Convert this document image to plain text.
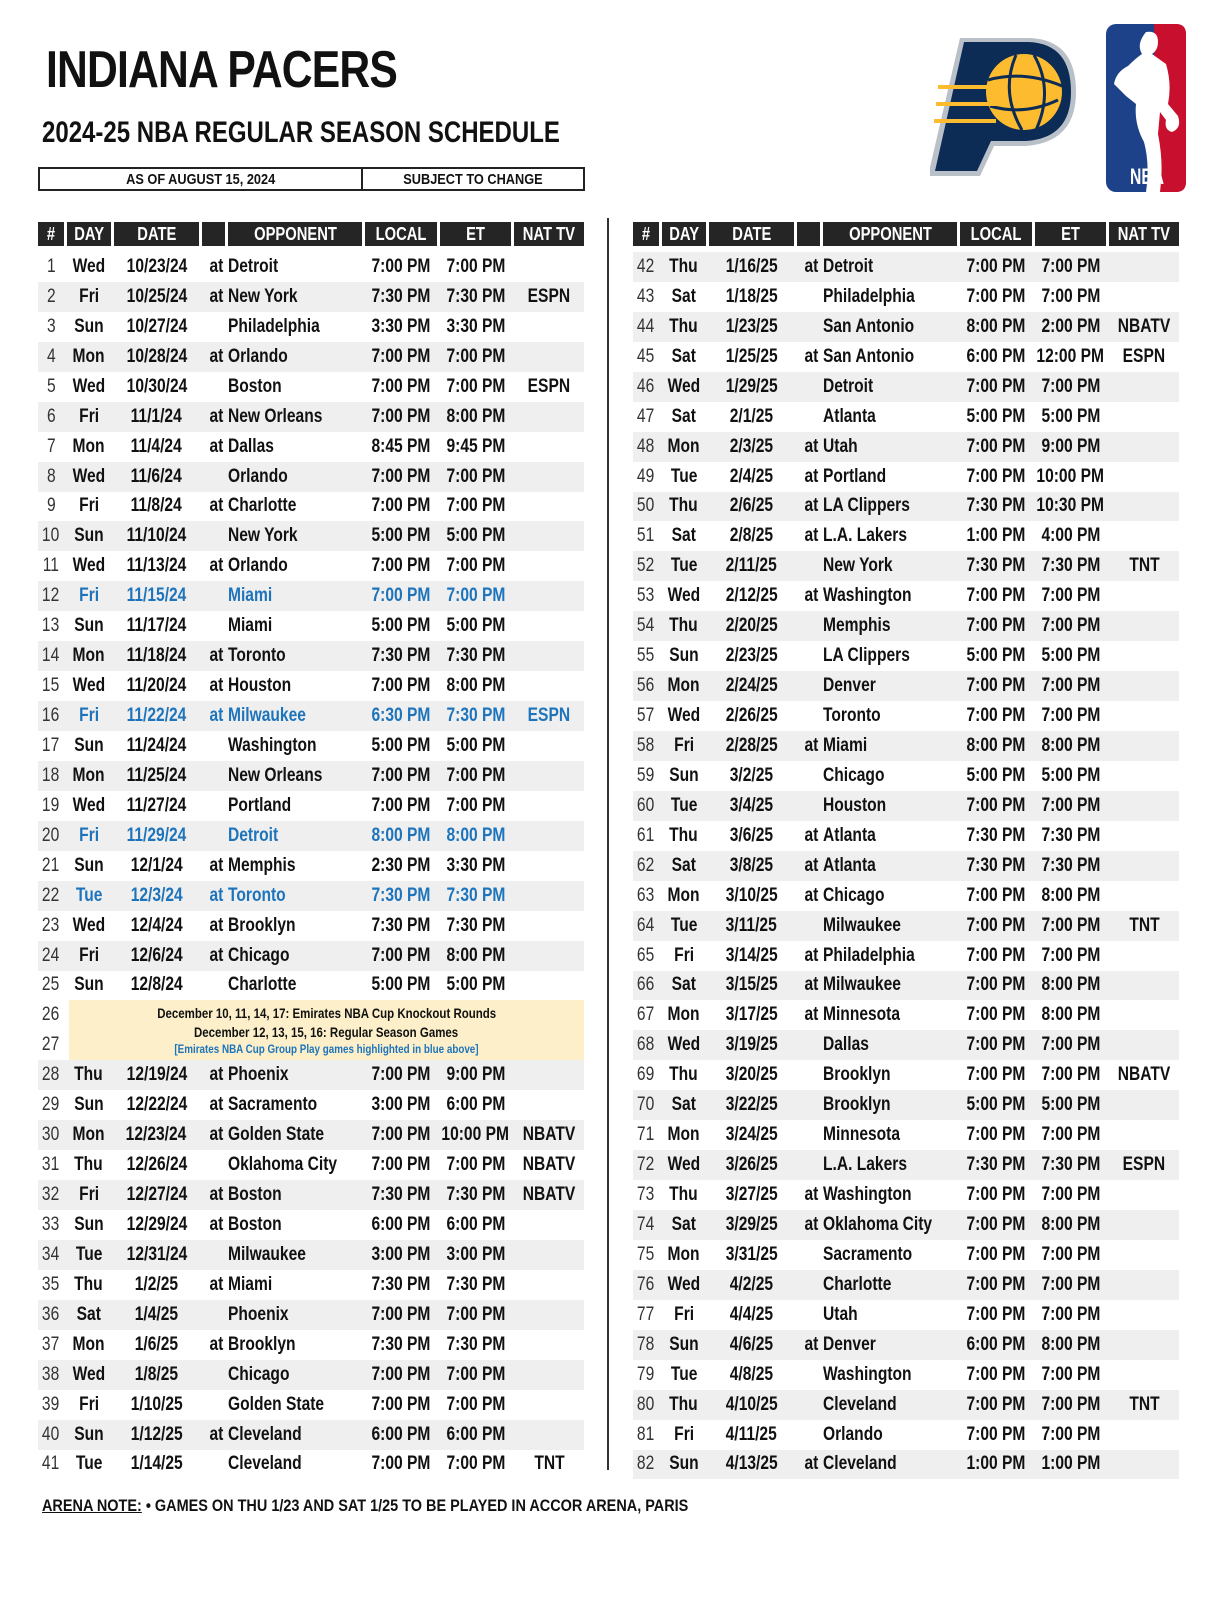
INDIANA PACERS
2024-25 NBA REGULAR SEASON SCHEDULE
AS OF AUGUST 15, 2024	SUBJECT TO CHANGE	NBA
# DAY DATE	OPPONENT LOCAL ET NAT TV
1 Wed 10/23/24 at Detroit	7:00 PM 7:00 PM
2 Fri 10/25/24 at New York	7:30 PM 7:30 PM ESPN
3 Sun 10/27/24 Philadelphia	3:30 PM 3:30 PM
4 Mon 10/28/24 at Orlando	7:00 PM 7:00 PM
5 Wed 10/30/24 Boston	7:00 PM 7:00 PM ESPN
6 Fri 11/1/24 at New Orleans	7:00 PM 8:00 PM
7 Mon 11/4/24 at Dallas	8:45 PM 9:45 PM
8 Wed 11/6/24 Orlando	7:00 PM 7:00 PM
9 Fri 11/8/24 at Charlotte	7:00 PM 7:00 PM
10 Sun 11/10/24 New York	5:00 PM 5:00 PM
11 Wed 11/13/24 at Orlando	7:00 PM 7:00 PM
12 Fri 11/15/24 Miami	7:00 PM 7:00 PM
13 Sun 11/17/24 Miami	5:00 PM 5:00 PM
14 Mon 11/18/24 at Toronto	7:30 PM 7:30 PM
15 Wed 11/20/24 at Houston	7:00 PM 8:00 PM
16 Fri 11/22/24 at Milwaukee	6:30 PM 7:30 PM ESPN
17 Sun 11/24/24 Washington	5:00 PM 5:00 PM
18 Mon 11/25/24 New Orleans	7:00 PM 7:00 PM
19 Wed 11/27/24 Portland	7:00 PM 7:00 PM
20 Fri 11/29/24 Detroit	8:00 PM 8:00 PM
21 Sun 12/1/24 at Memphis	2:30 PM 3:30 PM
22 Tue 12/3/24 at Toronto	7:30 PM 7:30 PM
23 Wed 12/4/24 at Brooklyn	7:30 PM 7:30 PM
24 Fri 12/6/24 at Chicago	7:00 PM 8:00 PM
25 Sun 12/8/24 Charlotte	5:00 PM 5:00 PM
26
27
December 10, 11, 14, 17: Emirates NBA Cup Knockout Rounds
December 12, 13, 15, 16: Regular Season Games
[Emirates NBA Cup Group Play games highlighted in blue above]
28 Thu 12/19/24 at Phoenix	7:00 PM 9:00 PM
29 Sun 12/22/24 at Sacramento	3:00 PM 6:00 PM
30 Mon 12/23/24 at Golden State 7:00 PM 10:00 PM NBATV
31 Thu 12/26/24 Oklahoma City 7:00 PM 7:00 PM NBATV
32 Fri 12/27/24 at Boston	7:30 PM 7:30 PM NBATV
33 Sun 12/29/24 at Boston	6:00 PM 6:00 PM
34 Tue 12/31/24 Milwaukee	3:00 PM 3:00 PM
35 Thu 1/2/25 at Miami	7:30 PM 7:30 PM
36 Sat 1/4/25	Phoenix	7:00 PM 7:00 PM
37 Mon 1/6/25 at Brooklyn	7:30 PM 7:30 PM
38 Wed 1/8/25	Chicago	7:00 PM 7:00 PM
39 Fri 1/10/25 Golden State 7:00 PM 7:00 PM
40 Sun 1/12/25 at Cleveland	6:00 PM 6:00 PM
41 Tue 1/14/25 Cleveland	7:00 PM 7:00 PM TNT
# DAY DATE	OPPONENT LOCAL ET NAT TV
42 Thu 1/16/25 at Detroit	7:00 PM 7:00 PM
43 Sat 1/18/25 Philadelphia	7:00 PM 7:00 PM
44 Thu 1/23/25 San Antonio	8:00 PM 2:00 PM NBATV
45 Sat 1/25/25 at San Antonio	6:00 PM 12:00 PM ESPN
46 Wed 1/29/25 Detroit	7:00 PM 7:00 PM
47 Sat 2/1/25	Atlanta	5:00 PM 5:00 PM
48 Mon 2/3/25 at Utah	7:00 PM 9:00 PM
49 Tue 2/4/25 at Portland	7:00 PM 10:00 PM
50 Thu 2/6/25 at LA Clippers	7:30 PM 10:30 PM
51 Sat 2/8/25 at L.A. Lakers	1:00 PM 4:00 PM
52 Tue 2/11/25 New York	7:30 PM 7:30 PM TNT
53 Wed 2/12/25 at Washington	7:00 PM 7:00 PM
54 Thu 2/20/25 Memphis	7:00 PM 7:00 PM
55 Sun 2/23/25 LA Clippers	5:00 PM 5:00 PM
56 Mon 2/24/25 Denver	7:00 PM 7:00 PM
57 Wed 2/26/25 Toronto	7:00 PM 7:00 PM
58 Fri 2/28/25 at Miami	8:00 PM 8:00 PM
59 Sun 3/2/25	Chicago	5:00 PM 5:00 PM
60 Tue 3/4/25	Houston	7:00 PM 7:00 PM
61 Thu 3/6/25 at Atlanta	7:30 PM 7:30 PM
62 Sat 3/8/25 at Atlanta	7:30 PM 7:30 PM
63 Mon 3/10/25 at Chicago	7:00 PM 8:00 PM
64 Tue 3/11/25 Milwaukee	7:00 PM 7:00 PM TNT
65 Fri 3/14/25 at Philadelphia	7:00 PM 7:00 PM
66 Sat 3/15/25 at Milwaukee	7:00 PM 8:00 PM
67 Mon 3/17/25 at Minnesota	7:00 PM 8:00 PM
68 Wed 3/19/25 Dallas	7:00 PM 7:00 PM
69 Thu 3/20/25 Brooklyn	7:00 PM 7:00 PM NBATV
70 Sat 3/22/25 Brooklyn	5:00 PM 5:00 PM
71 Mon 3/24/25 Minnesota	7:00 PM 7:00 PM
72 Wed 3/26/25 L.A. Lakers	7:30 PM 7:30 PM ESPN
73 Thu 3/27/25 at Washington	7:00 PM 7:00 PM
74 Sat 3/29/25 at Oklahoma City 7:00 PM 8:00 PM
75 Mon 3/31/25 Sacramento	7:00 PM 7:00 PM
76 Wed 4/2/25	Charlotte	7:00 PM 7:00 PM
77 Fri 4/4/25	Utah	7:00 PM 7:00 PM
78 Sun 4/6/25 at Denver	6:00 PM 8:00 PM
79 Tue 4/8/25	Washington	7:00 PM 7:00 PM
80 Thu 4/10/25 Cleveland	7:00 PM 7:00 PM TNT
81 Fri 4/11/25 Orlando	7:00 PM 7:00 PM
82 Sun 4/13/25 at Cleveland	1:00 PM 1:00 PM
ARENA NOTE: • GAMES ON THU 1/23 AND SAT 1/25 TO BE PLAYED IN ACCOR ARENA, PARIS
